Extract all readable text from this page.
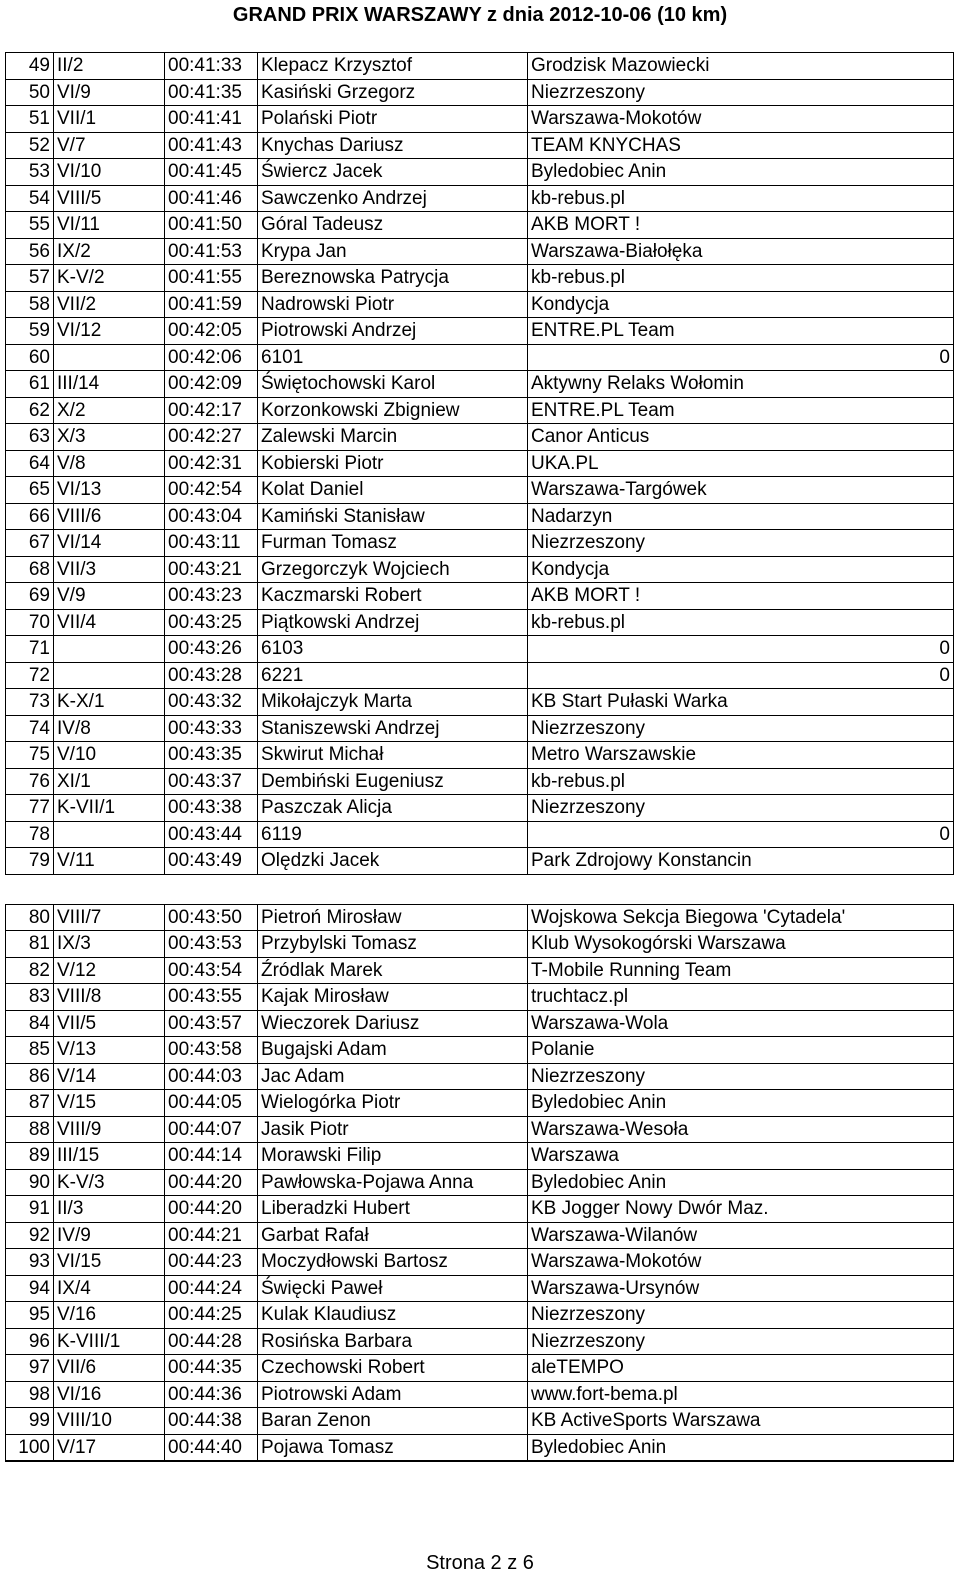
GRAND PRIX WARSZAWY z dnia 2012-10-06 (10 km)
49	II/2	00:41:33	Klepacz Krzysztof	Grodzisk Mazowiecki
50	VI/9	00:41:35	Kasiński Grzegorz	Niezrzeszony
51	VII/1	00:41:41	Polański Piotr	Warszawa-Mokotów
52	V/7	00:41:43	Knychas Dariusz	TEAM KNYCHAS
53	VI/10	00:41:45	Świercz Jacek	Byledobiec Anin
54	VIII/5	00:41:46	Sawczenko Andrzej	kb-rebus.pl
55	VI/11	00:41:50	Góral Tadeusz	AKB MORT !
56	IX/2	00:41:53	Krypa Jan	Warszawa-Białołęka
57	K-V/2	00:41:55	Bereznowska Patrycja	kb-rebus.pl
58	VII/2	00:41:59	Nadrowski Piotr	Kondycja
59	VI/12	00:42:05	Piotrowski Andrzej	ENTRE.PL Team
60		00:42:06	6101	0
61	III/14	00:42:09	Świętochowski Karol	Aktywny Relaks Wołomin
62	X/2	00:42:17	Korzonkowski Zbigniew	ENTRE.PL Team
63	X/3	00:42:27	Zalewski Marcin	Canor Anticus
64	V/8	00:42:31	Kobierski Piotr	UKA.PL
65	VI/13	00:42:54	Kolat Daniel	Warszawa-Targówek
66	VIII/6	00:43:04	Kamiński Stanisław	Nadarzyn
67	VI/14	00:43:11	Furman Tomasz	Niezrzeszony
68	VII/3	00:43:21	Grzegorczyk Wojciech	Kondycja
69	V/9	00:43:23	Kaczmarski Robert	AKB MORT !
70	VII/4	00:43:25	Piątkowski Andrzej	kb-rebus.pl
71		00:43:26	6103	0
72		00:43:28	6221	0
73	K-X/1	00:43:32	Mikołajczyk Marta	KB Start Pułaski Warka
74	IV/8	00:43:33	Staniszewski Andrzej	Niezrzeszony
75	V/10	00:43:35	Skwirut Michał	Metro Warszawskie
76	XI/1	00:43:37	Dembiński Eugeniusz	kb-rebus.pl
77	K-VII/1	00:43:38	Paszczak Alicja	Niezrzeszony
78		00:43:44	6119	0
79	V/11	00:43:49	Olędzki Jacek	Park Zdrojowy Konstancin

80	VIII/7	00:43:50	Pietroń Mirosław	Wojskowa Sekcja Biegowa 'Cytadela'
81	IX/3	00:43:53	Przybylski Tomasz	Klub Wysokogórski Warszawa
82	V/12	00:43:54	Źródlak Marek	T-Mobile Running Team
83	VIII/8	00:43:55	Kajak Mirosław	truchtacz.pl
84	VII/5	00:43:57	Wieczorek Dariusz	Warszawa-Wola
85	V/13	00:43:58	Bugajski Adam	Polanie
86	V/14	00:44:03	Jac Adam	Niezrzeszony
87	V/15	00:44:05	Wielogórka Piotr	Byledobiec Anin
88	VIII/9	00:44:07	Jasik Piotr	Warszawa-Wesoła
89	III/15	00:44:14	Morawski Filip	Warszawa
90	K-V/3	00:44:20	Pawłowska-Pojawa Anna	Byledobiec Anin
91	II/3	00:44:20	Liberadzki Hubert	KB Jogger Nowy Dwór Maz.
92	IV/9	00:44:21	Garbat Rafał	Warszawa-Wilanów
93	VI/15	00:44:23	Moczydłowski Bartosz	Warszawa-Mokotów
94	IX/4	00:44:24	Święcki Paweł	Warszawa-Ursynów
95	V/16	00:44:25	Kulak Klaudiusz	Niezrzeszony
96	K-VIII/1	00:44:28	Rosińska Barbara	Niezrzeszony
97	VII/6	00:44:35	Czechowski Robert	aleTEMPO
98	VI/16	00:44:36	Piotrowski Adam	www.fort-bema.pl
99	VIII/10	00:44:38	Baran Zenon	KB ActiveSports Warszawa
100	V/17	00:44:40	Pojawa Tomasz	Byledobiec Anin
Strona 2 z 6
